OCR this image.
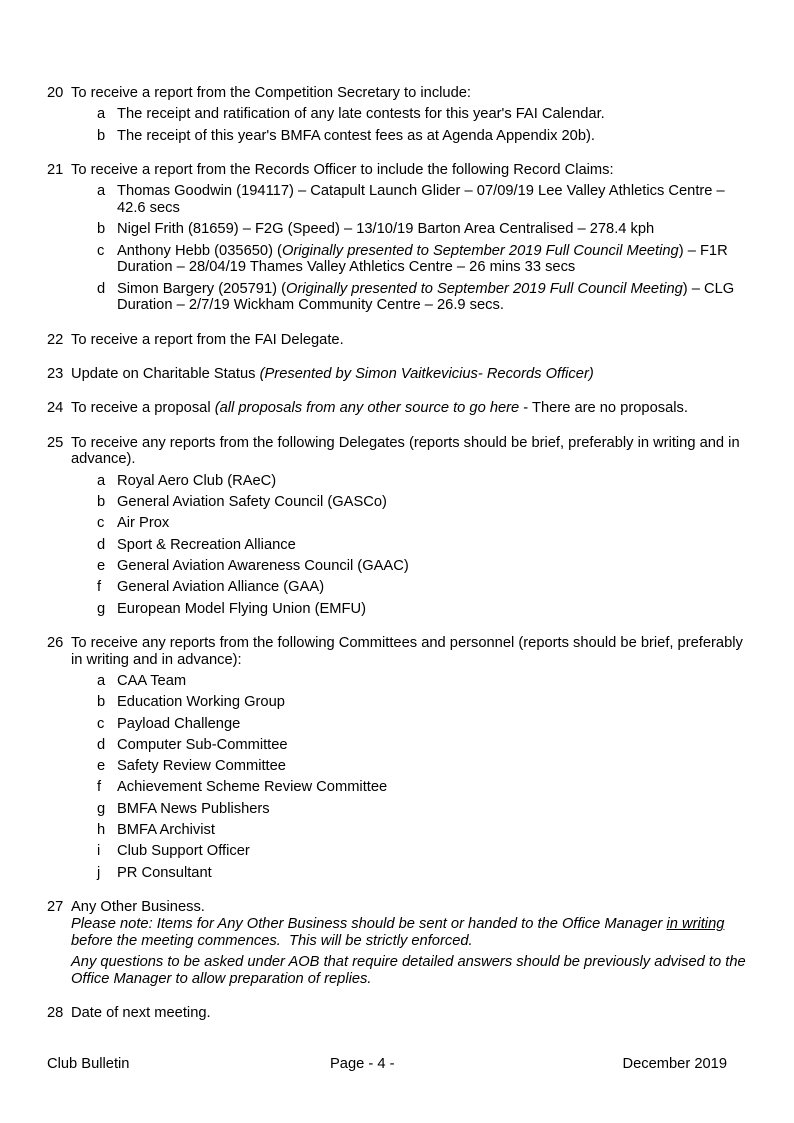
20 To receive a report from the Competition Secretary to include:

a The receipt and ratification of any late contests for this year's FAI Calendar.
b The receipt of this year's BMFA contest fees as at Agenda Appendix 20b).
21 To receive a report from the Records Officer to include the following Record Claims:

a Thomas Goodwin (194117) – Catapult Launch Glider – 07/09/19 Lee Valley Athletics Centre – 42.6 secs
b Nigel Frith (81659) – F2G (Speed) – 13/10/19 Barton Area Centralised – 278.4 kph
c Anthony Hebb (035650) (Originally presented to September 2019 Full Council Meeting) – F1R Duration – 28/04/19 Thames Valley Athletics Centre – 26 mins 33 secs
d Simon Bargery (205791) (Originally presented to September 2019 Full Council Meeting) – CLG Duration – 2/7/19 Wickham Community Centre – 26.9 secs.
22 To receive a report from the FAI Delegate.

23 Update on Charitable Status (Presented by Simon Vaitkevicius- Records Officer)

24 To receive a proposal (all proposals from any other source to go here - There are no proposals.

25 To receive any reports from the following Delegates (reports should be brief, preferably in writing and in advance).

a Royal Aero Club (RAeC)
b General Aviation Safety Council (GASCo)
c Air Prox
d Sport & Recreation Alliance
e General Aviation Awareness Council (GAAC)
f	General Aviation Alliance (GAA)
g European Model Flying Union (EMFU)
26 To receive any reports from the following Committees and personnel (reports should be brief, preferably in writing and in advance):

a CAA Team
b Education Working Group
c Payload Challenge
d Computer Sub-Committee
e Safety Review Committee
f	Achievement Scheme Review Committee
g BMFA News Publishers
h BMFA Archivist
i	Club Support Officer
j	PR Consultant
27 Any Other Business.

Please note: Items for Any Other Business should be sent or handed to the Office Manager in writing before the meeting commences.  This will be strictly enforced.

Any questions to be asked under AOB that require detailed answers should be previously advised to the Office Manager to allow preparation of replies.

28 Date of next meeting.

Club Bulletin	Page - 4 -	December 2019
